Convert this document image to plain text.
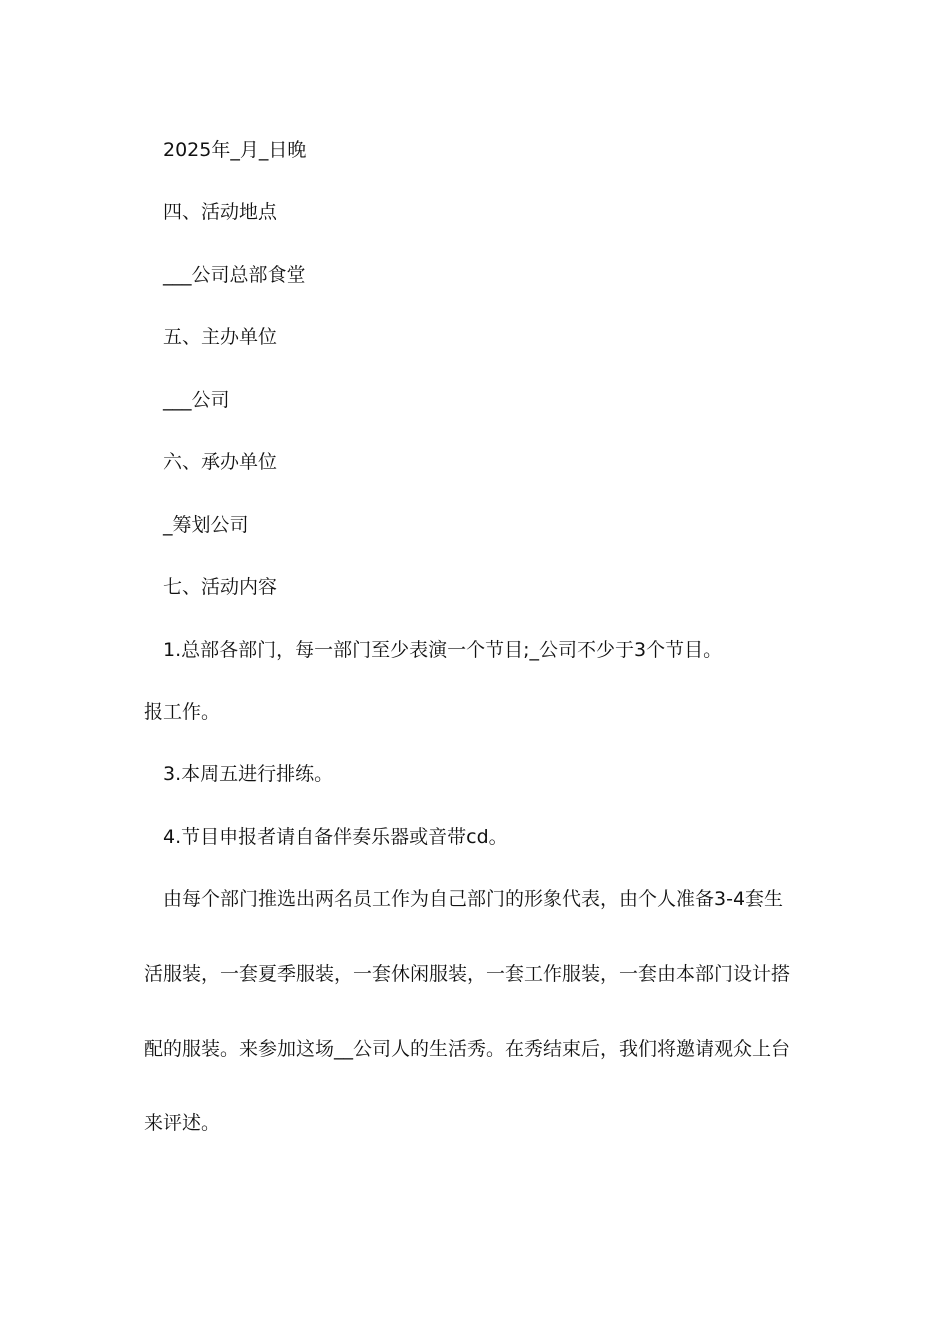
2025年_月_日晚
四、活动地点
___公司总部食堂
五、主办单位
___公司
六、承办单位
_筹划公司
七、活动内容
1.总部各部门，每一部门至少表演一个节目;_公司不少于3个节目。
报工作。
3.本周五进行排练。
4.节目申报者请自备伴奏乐器或音带cd。
由每个部门推选出两名员工作为自己部门的形象代表，由个人准备3-4套生
活服装，一套夏季服装，一套休闲服装，一套工作服装，一套由本部门设计搭
配的服装。来参加这场__公司人的生活秀。在秀结束后，我们将邀请观众上台
来评述。
